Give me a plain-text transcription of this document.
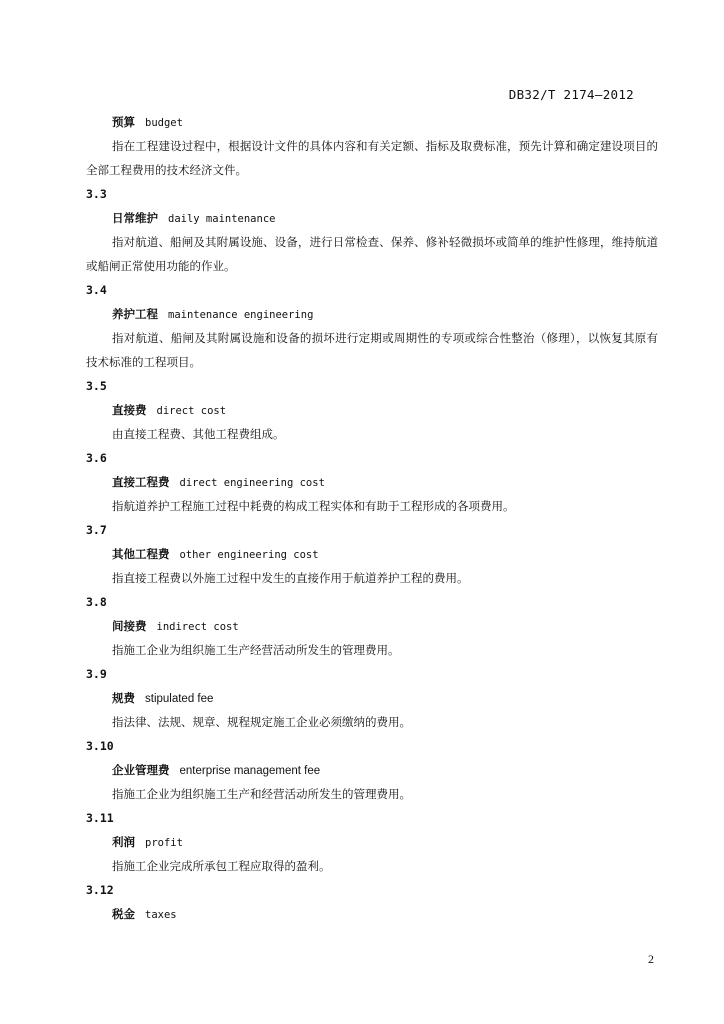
DB32/T 2174—2012
预算 budget
指在工程建设过程中，根据设计文件的具体内容和有关定额、指标及取费标准，预先计算和确定建设项目的全部工程费用的技术经济文件。
3.3
日常维护 daily maintenance
指对航道、船闸及其附属设施、设备，进行日常检查、保养、修补轻微损坏或简单的维护性修理，维持航道或船闸正常使用功能的作业。
3.4
养护工程 maintenance engineering
指对航道、船闸及其附属设施和设备的损坏进行定期或周期性的专项或综合性整治（修理），以恢复其原有技术标准的工程项目。
3.5
直接费 direct cost
由直接工程费、其他工程费组成。
3.6
直接工程费 direct engineering cost
指航道养护工程施工过程中耗费的构成工程实体和有助于工程形成的各项费用。
3.7
其他工程费 other engineering cost
指直接工程费以外施工过程中发生的直接作用于航道养护工程的费用。
3.8
间接费 indirect cost
指施工企业为组织施工生产经营活动所发生的管理费用。
3.9
规费 stipulated fee
指法律、法规、规章、规程规定施工企业必须缴纳的费用。
3.10
企业管理费 enterprise management fee
指施工企业为组织施工生产和经营活动所发生的管理费用。
3.11
利润 profit
指施工企业完成所承包工程应取得的盈利。
3.12
税金 taxes
2
